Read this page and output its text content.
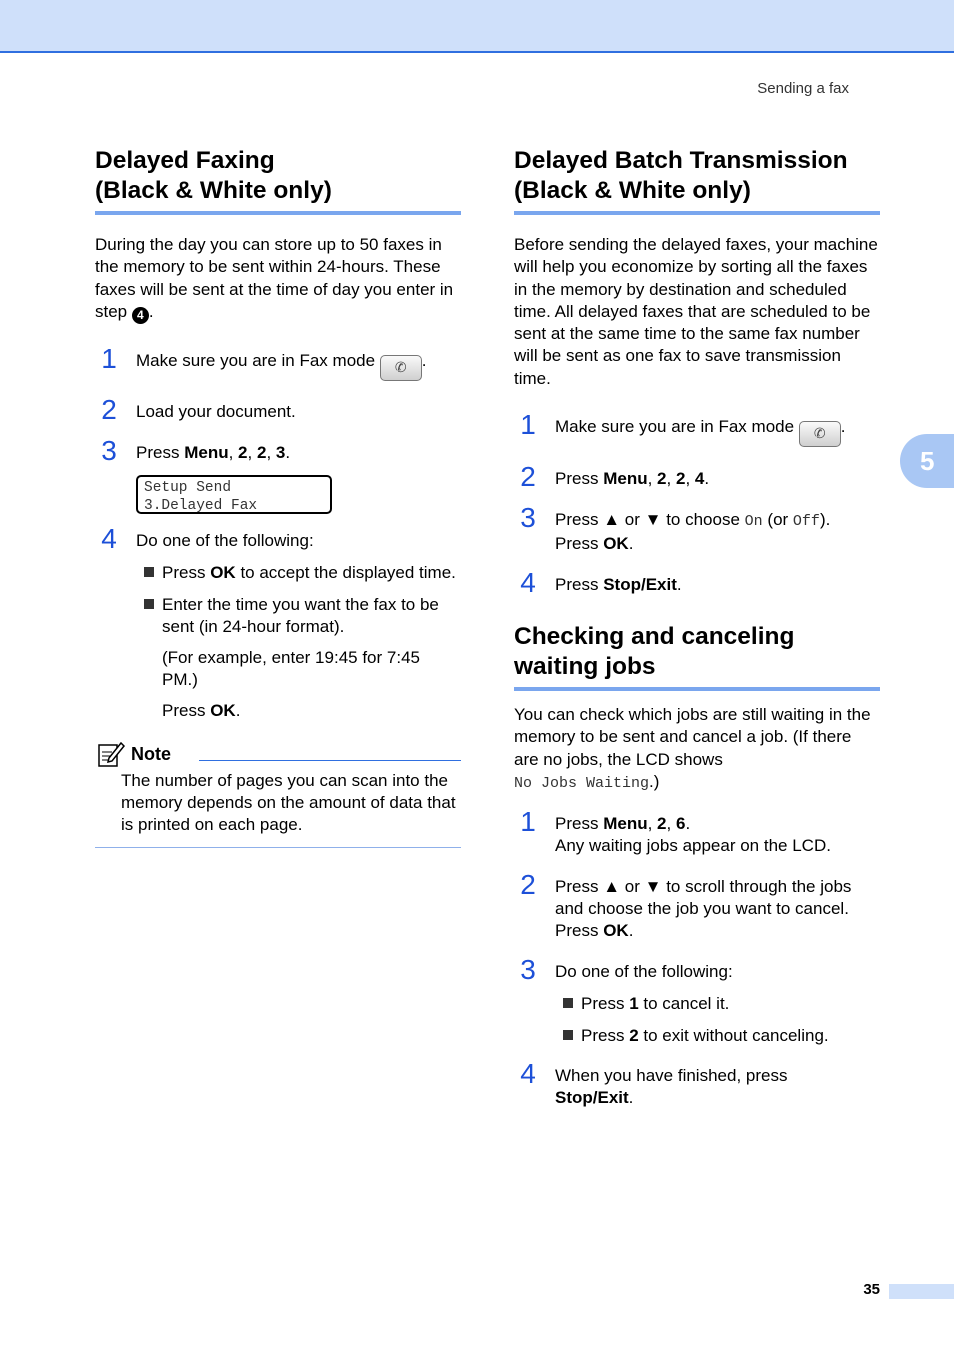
Sending a fax
5
Delayed Faxing
(Black & White only)

During the day you can store up to 50 faxes in the memory to be sent within 24-hours. These faxes will be sent at the time of day you enter in step 4 .

1	Make sure you are in Fax mode ✆ .
2	Load your document.
3	Press Menu, 2, 2, 3.
Setup Send
3.Delayed Fax
4	Do one of the following:
Press OK to accept the displayed time.
Enter the time you want the fax to be sent (in 24-hour format).
(For example, enter 19:45 for 7:45 PM.)
Press OK.
Note
The number of pages you can scan into the memory depends on the amount of data that is printed on each page.
Delayed Batch Transmission
(Black & White only)

Before sending the delayed faxes, your machine will help you economize by sorting all the faxes in the memory by destination and scheduled time. All delayed faxes that are scheduled to be sent at the same time to the same fax number will be sent as one fax to save transmission time.

1	Make sure you are in Fax mode ✆ .
2	Press Menu, 2, 2, 4.
3	Press ▲ or ▼ to choose On (or Off).
Press OK.
4	Press Stop/Exit.
Checking and canceling
waiting jobs

You can check which jobs are still waiting in the memory to be sent and cancel a job. (If there are no jobs, the LCD shows
No Jobs Waiting.)

1	Press Menu, 2, 6.
Any waiting jobs appear on the LCD.
2	Press ▲ or ▼ to scroll through the jobs and choose the job you want to cancel.
Press OK.
3	Do one of the following:
Press 1 to cancel it.
Press 2 to exit without canceling.
4	When you have finished, press
Stop/Exit.
35
